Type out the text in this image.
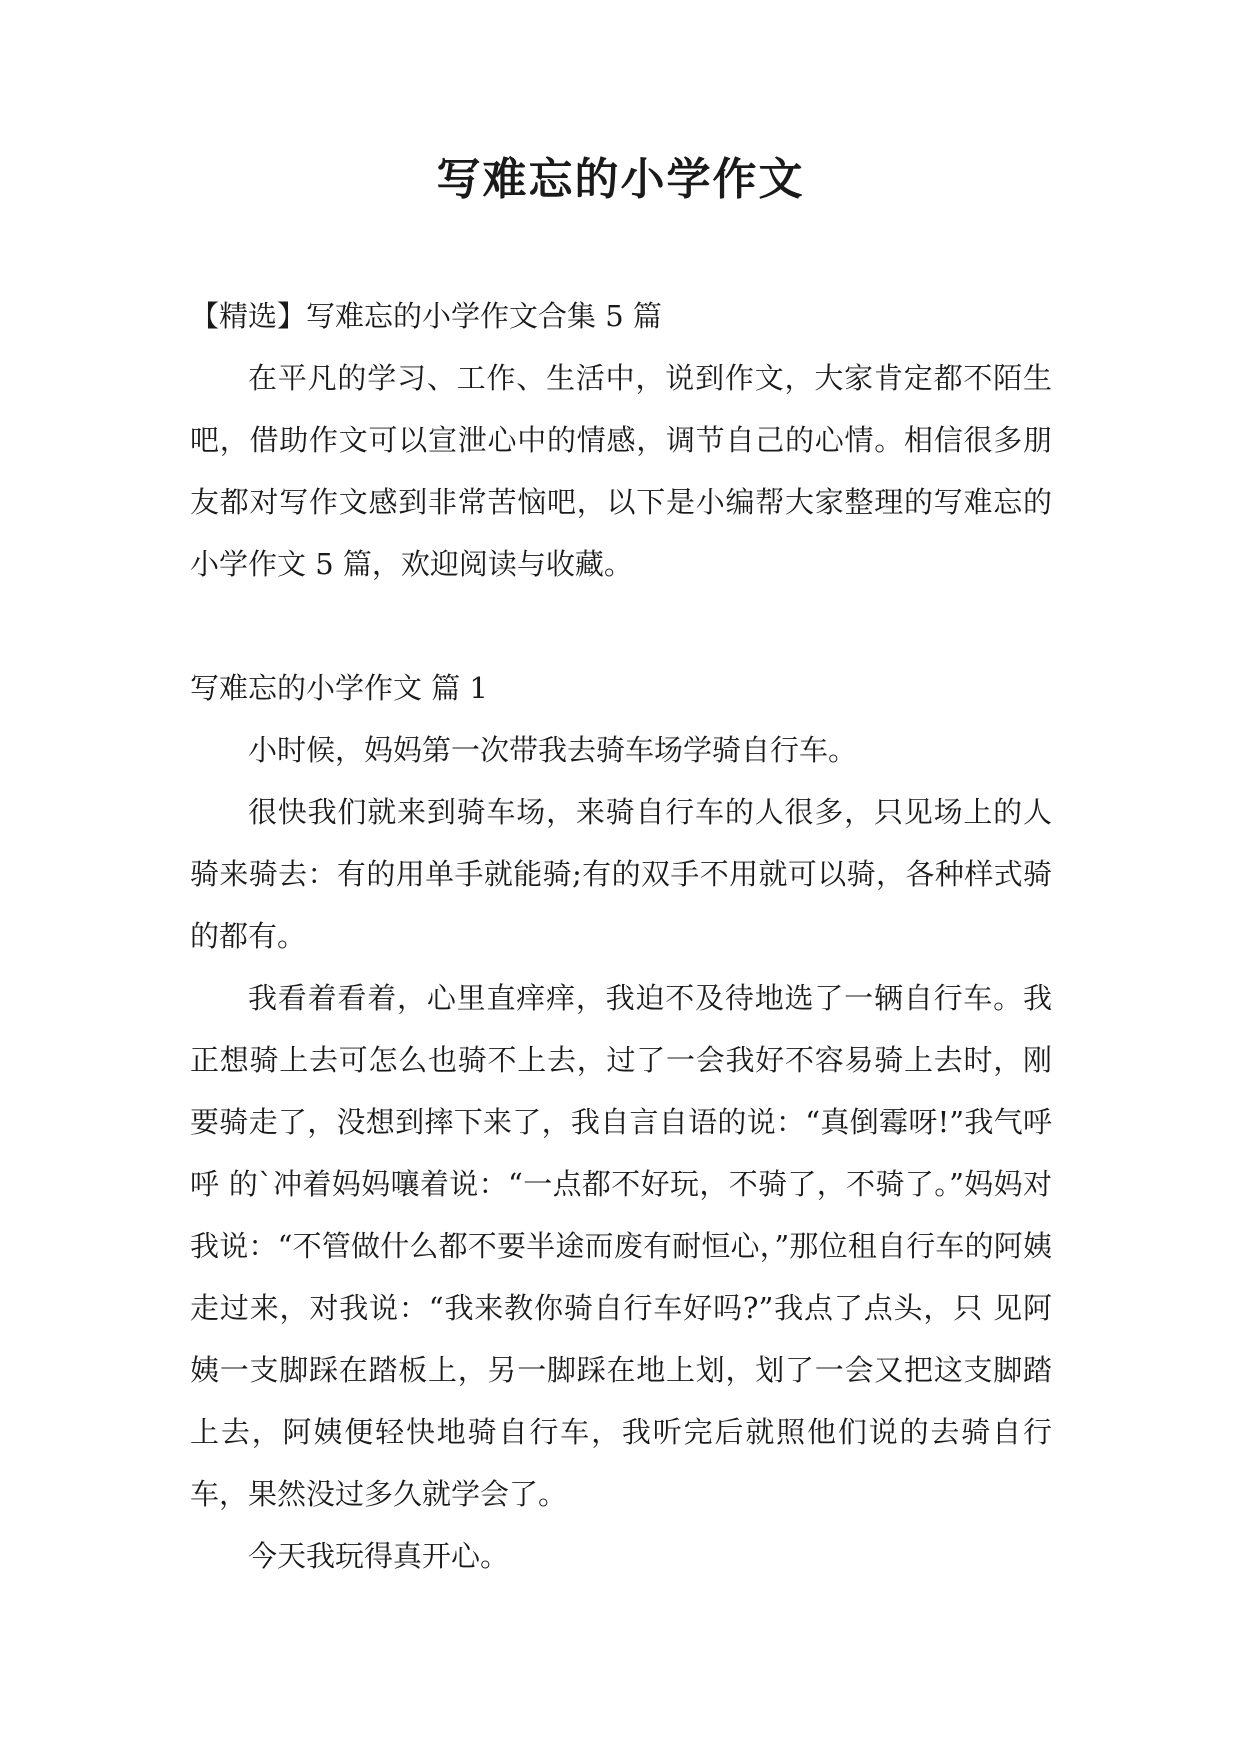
写难忘的小学作文

【精选】写难忘的小学作文合集 5 篇

在平凡的学习、工作、生活中，说到作文，大家肯定都不陌生吧，借助作文可以宣泄心中的情感，调节自己的心情。相信很多朋友都对写作文感到非常苦恼吧，以下是小编帮大家整理的写难忘的小学作文 5 篇，欢迎阅读与收藏。

写难忘的小学作文 篇 1

小时候，妈妈第一次带我去骑车场学骑自行车。

很快我们就来到骑车场，来骑自行车的人很多，只见场上的人骑来骑去：有的用单手就能骑;有的双手不用就可以骑，各种样式骑的都有。

我看着看着，心里直痒痒，我迫不及待地选了一辆自行车。我正想骑上去可怎么也骑不上去，过了一会我好不容易骑上去时，刚要骑走了，没想到摔下来了，我自言自语的说：“真倒霉呀!”我气呼呼 的`冲着妈妈嚷着说：“一点都不好玩，不骑了，不骑了。”妈妈对我说：“不管做什么都不要半途而废有耐恒心，”那位租自行车的阿姨走过来，对我说：“我来教你骑自行车好吗?”我点了点头，只 见阿姨一支脚踩在踏板上，另一脚踩在地上划，划了一会又把这支脚踏上去，阿姨便轻快地骑自行车，我听完后就照他们说的去骑自行车，果然没过多久就学会了。

今天我玩得真开心。
